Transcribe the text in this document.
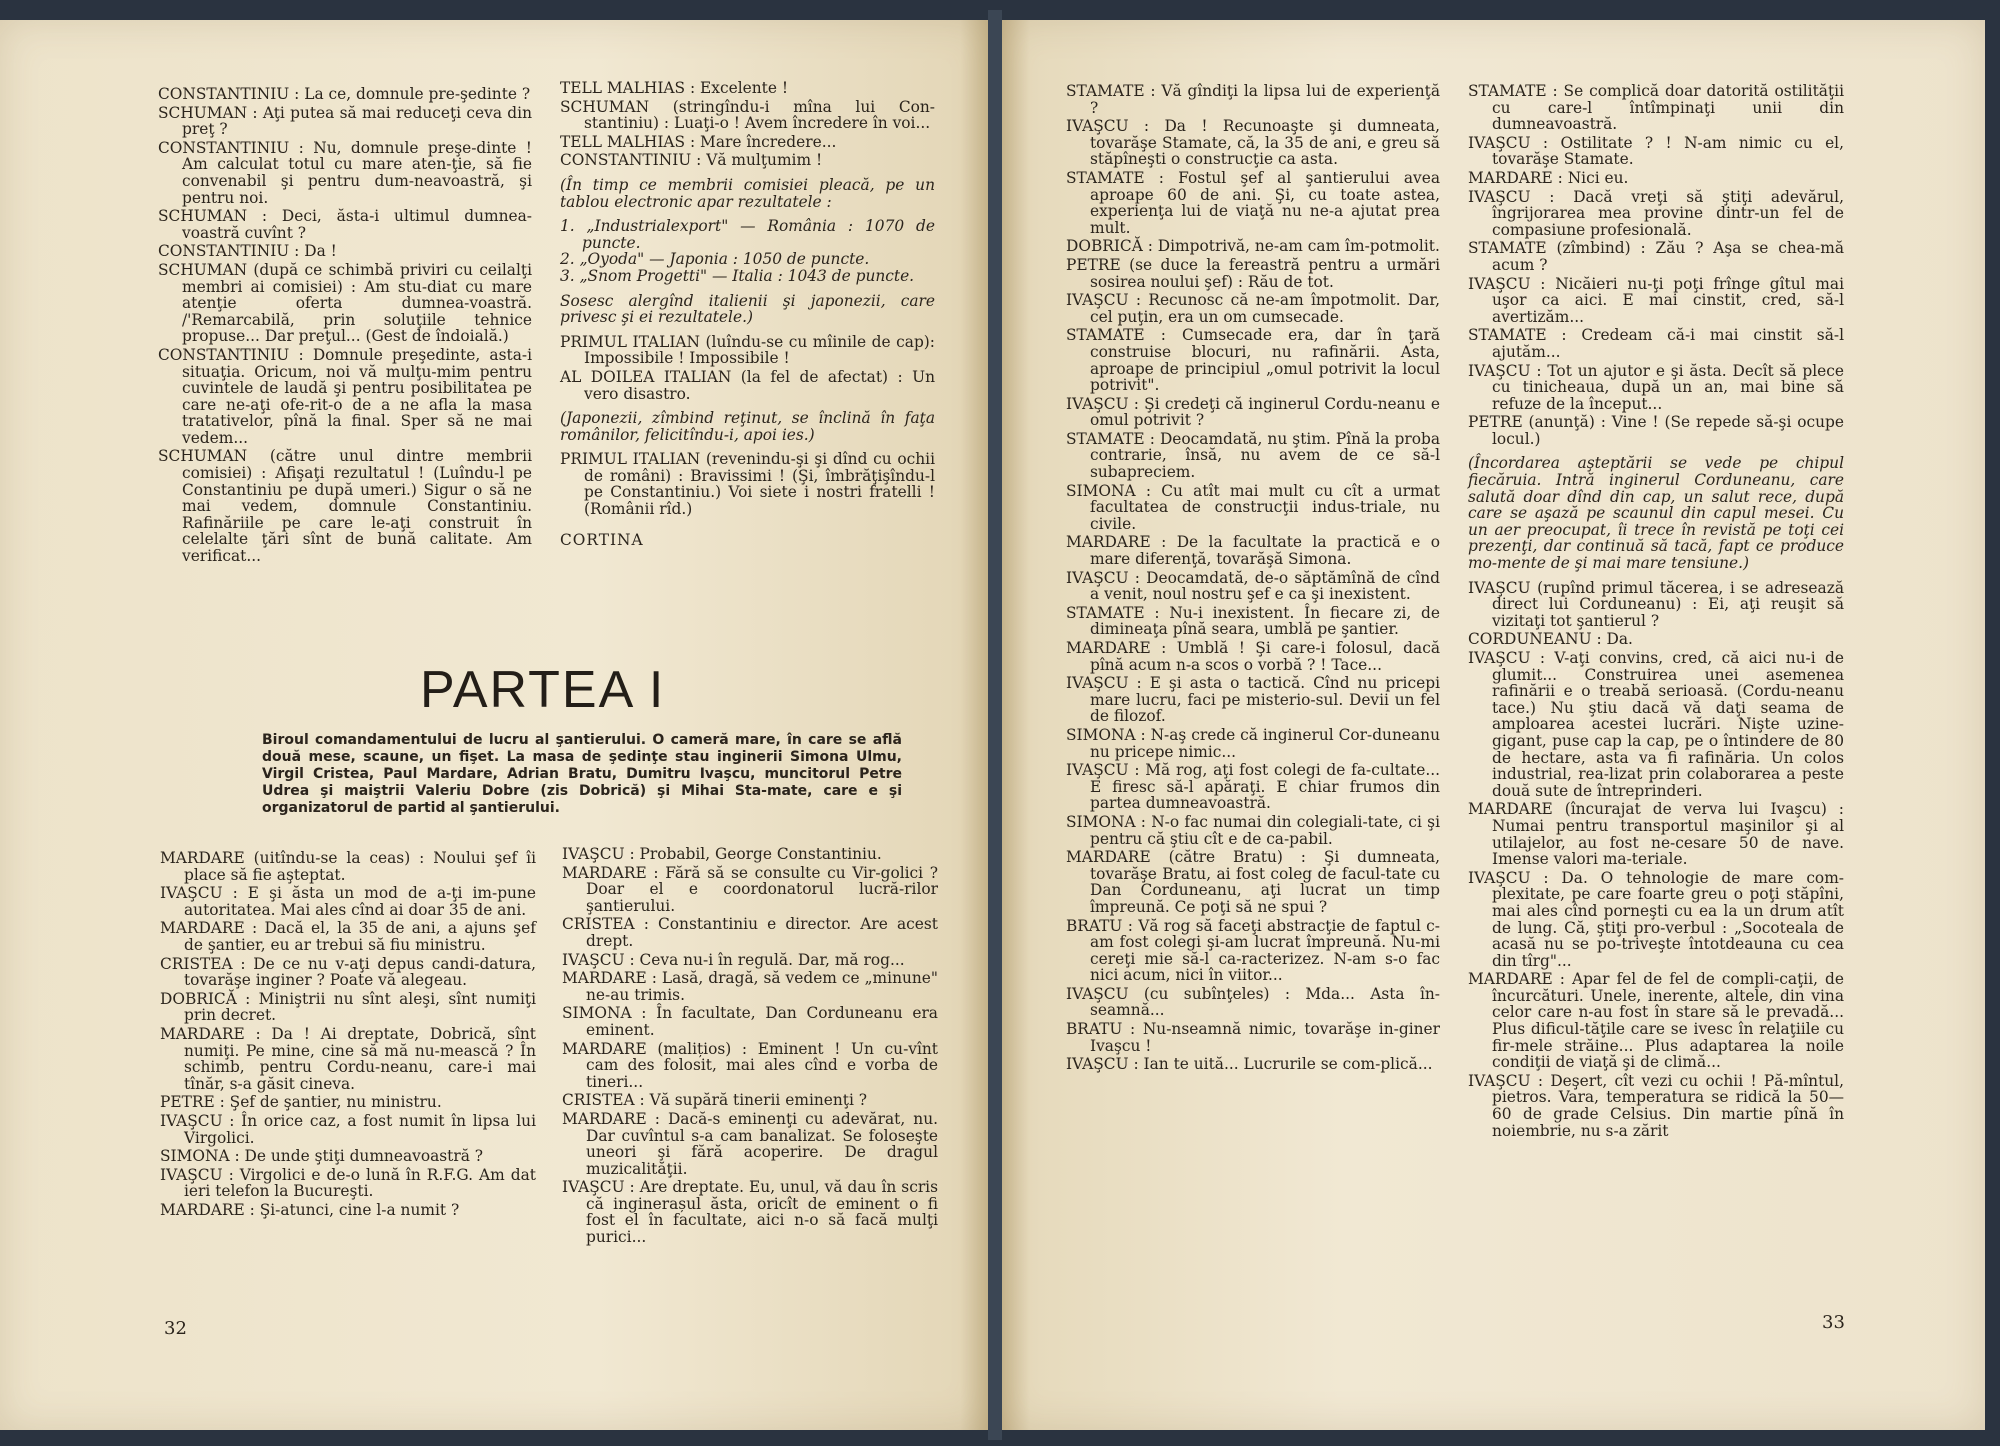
CONSTANTINIU : La ce, domnule pre-şedinte ?

SCHUMAN : Aţi putea să mai reduceţi ceva din preţ ?

CONSTANTINIU : Nu, domnule preşe-dinte ! Am calculat totul cu mare aten-ţie, să fie convenabil şi pentru dum-neavoastră, şi pentru noi.

SCHUMAN : Deci, ăsta-i ultimul dumnea-voastră cuvînt ?

CONSTANTINIU : Da !

SCHUMAN (după ce schimbă priviri cu ceilalţi membri ai comisiei) : Am stu-diat cu mare atenţie oferta dumnea-voastră. /'Remarcabilă, prin soluţiile tehnice propuse... Dar preţul... (Gest de îndoială.)

CONSTANTINIU : Domnule preşedinte, asta-i situaţia. Oricum, noi vă mulţu-mim pentru cuvintele de laudă şi pentru posibilitatea pe care ne-aţi ofe-rit-o de a ne afla la masa tratativelor, pînă la final. Sper să ne mai vedem...

SCHUMAN (către unul dintre membrii comisiei) : Afişaţi rezultatul ! (Luîndu-l pe Constantiniu pe după umeri.) Sigur o să ne mai vedem, domnule Constantiniu. Rafinăriile pe care le-aţi construit în celelalte ţări sînt de bună calitate. Am verificat...

TELL MALHIAS : Excelente !

SCHUMAN (stringîndu-i mîna lui Con-stantiniu) : Luaţi-o ! Avem încredere în voi...

TELL MALHIAS : Mare încredere...

CONSTANTINIU : Vă mulţumim !

(În timp ce membrii comisiei pleacă, pe un tablou electronic apar rezultatele :

1. „Industrialexport" — România : 1070 de puncte.

2. „Oyoda" — Japonia : 1050 de puncte.

3. „Snom Progetti" — Italia : 1043 de puncte.

Sosesc alergînd italienii şi japonezii, care privesc şi ei rezultatele.)

PRIMUL ITALIAN (luîndu-se cu mîinile de cap): Impossibile ! Impossibile !

AL DOILEA ITALIAN (la fel de afectat) : Un vero disastro.

(Japonezii, zîmbind reţinut, se înclină în faţa românilor, felicitîndu-i, apoi ies.)

PRIMUL ITALIAN (revenindu-şi şi dînd cu ochii de români) : Bravissimi ! (Şi, îmbrăţişîndu-l pe Constantiniu.) Voi siete i nostri fratelli ! (Românii rîd.)

CORTINA

PARTEA I
Biroul comandamentului de lucru al şantierului. O cameră mare, în care se află două mese, scaune, un fişet. La masa de şedinţe stau inginerii Simona Ulmu, Virgil Cristea, Paul Mardare, Adrian Bratu, Dumitru Ivaşcu, muncitorul Petre Udrea şi maiştrii Valeriu Dobre (zis Dobrică) şi Mihai Sta-mate, care e şi organizatorul de partid al şantierului.

MARDARE (uitîndu-se la ceas) : Noului şef îi place să fie aşteptat.

IVAŞCU : E şi ăsta un mod de a-ţi im-pune autoritatea. Mai ales cînd ai doar 35 de ani.

MARDARE : Dacă el, la 35 de ani, a ajuns şef de şantier, eu ar trebui să fiu ministru.

CRISTEA : De ce nu v-aţi depus candi-datura, tovarăşe inginer ? Poate vă alegeau.

DOBRICĂ : Miniştrii nu sînt aleşi, sînt numiţi prin decret.

MARDARE : Da ! Ai dreptate, Dobrică, sînt numiţi. Pe mine, cine să mă nu-mească ? În schimb, pentru Cordu-neanu, care-i mai tînăr, s-a găsit cineva.

PETRE : Şef de şantier, nu ministru.

IVAŞCU : În orice caz, a fost numit în lipsa lui Virgolici.

SIMONA : De unde ştiţi dumneavoastră ?

IVAŞCU : Virgolici e de-o lună în R.F.G. Am dat ieri telefon la Bucureşti.

MARDARE : Şi-atunci, cine l-a numit ?

IVAŞCU : Probabil, George Constantiniu.

MARDARE : Fără să se consulte cu Vir-golici ? Doar el e coordonatorul lucră-rilor şantierului.

CRISTEA : Constantiniu e director. Are acest drept.

IVAŞCU : Ceva nu-i în regulă. Dar, mă rog...

MARDARE : Lasă, dragă, să vedem ce „minune" ne-au trimis.

SIMONA : În facultate, Dan Corduneanu era eminent.

MARDARE (malițios) : Eminent ! Un cu-vînt cam des folosit, mai ales cînd e vorba de tineri...

CRISTEA : Vă supără tinerii eminenţi ?

MARDARE : Dacă-s eminenţi cu adevărat, nu. Dar cuvîntul s-a cam banalizat. Se foloseşte uneori şi fără acoperire. De dragul muzicalităţii.

IVAŞCU : Are dreptate. Eu, unul, vă dau în scris că inginerașul ăsta, oricît de eminent o fi fost el în facultate, aici n-o să facă mulţi purici...

32

STAMATE : Vă gîndiţi la lipsa lui de experienţă ?

IVAŞCU : Da ! Recunoaşte şi dumneata, tovarăşe Stamate, că, la 35 de ani, e greu să stăpîneşti o construcţie ca asta.

STAMATE : Fostul şef al şantierului avea aproape 60 de ani. Şi, cu toate astea, experienţa lui de viaţă nu ne-a ajutat prea mult.

DOBRICĂ : Dimpotrivă, ne-am cam îm-potmolit.

PETRE (se duce la fereastră pentru a urmări sosirea noului şef) : Rău de tot.

IVAŞCU : Recunosc că ne-am împotmolit. Dar, cel puţin, era un om cumsecade.

STAMATE : Cumsecade era, dar în ţară construise blocuri, nu rafinării. Asta, aproape de principiul „omul potrivit la locul potrivit".

IVAŞCU : Şi credeţi că inginerul Cordu-neanu e omul potrivit ?

STAMATE : Deocamdată, nu ştim. Pînă la proba contrarie, însă, nu avem de ce să-l subapreciem.

SIMONA : Cu atît mai mult cu cît a urmat facultatea de construcţii indus-triale, nu civile.

MARDARE : De la facultate la practică e o mare diferenţă, tovarăşă Simona.

IVAŞCU : Deocamdată, de-o săptămînă de cînd a venit, noul nostru şef e ca şi inexistent.

STAMATE : Nu-i inexistent. În fiecare zi, de dimineaţa pînă seara, umblă pe şantier.

MARDARE : Umblă ! Şi care-i folosul, dacă pînă acum n-a scos o vorbă ? ! Tace...

IVAŞCU : E şi asta o tactică. Cînd nu pricepi mare lucru, faci pe misterio-sul. Devii un fel de filozof.

SIMONA : N-aş crede că inginerul Cor-duneanu nu pricepe nimic...

IVAŞCU : Mă rog, aţi fost colegi de fa-cultate... E firesc să-l apăraţi. E chiar frumos din partea dumneavoastră.

SIMONA : N-o fac numai din colegiali-tate, ci şi pentru că ştiu cît e de ca-pabil.

MARDARE (către Bratu) : Şi dumneata, tovarăşe Bratu, ai fost coleg de facul-tate cu Dan Corduneanu, aţi lucrat un timp împreună. Ce poţi să ne spui ?

BRATU : Vă rog să faceţi abstracţie de faptul c-am fost colegi şi-am lucrat împreună. Nu-mi cereţi mie să-l ca-racterizez. N-am s-o fac nici acum, nici în viitor...

IVAŞCU (cu subînţeles) : Mda... Asta în-seamnă...

BRATU : Nu-nseamnă nimic, tovarăşe in-giner Ivaşcu !

IVAŞCU : Ian te uită... Lucrurile se com-plică...

STAMATE : Se complică doar datorită ostilităţii cu care-l întîmpinaţi unii din dumneavoastră.

IVAŞCU : Ostilitate ? ! N-am nimic cu el, tovarăşe Stamate.

MARDARE : Nici eu.

IVAŞCU : Dacă vreţi să ştiţi adevărul, îngrijorarea mea provine dintr-un fel de compasiune profesională.

STAMATE (zîmbind) : Zău ? Aşa se chea-mă acum ?

IVAŞCU : Nicăieri nu-ţi poţi frînge gîtul mai uşor ca aici. E mai cinstit, cred, să-l avertizăm...

STAMATE : Credeam că-i mai cinstit să-l ajutăm...

IVAŞCU : Tot un ajutor e şi ăsta. Decît să plece cu tinicheaua, după un an, mai bine să refuze de la început...

PETRE (anunţă) : Vine ! (Se repede să-şi ocupe locul.)

(Încordarea aşteptării se vede pe chipul fiecăruia. Intră inginerul Corduneanu, care salută doar dînd din cap, un salut rece, după care se aşază pe scaunul din capul mesei. Cu un aer preocupat, îi trece în revistă pe toţi cei prezenţi, dar continuă să tacă, fapt ce produce mo-mente de şi mai mare tensiune.)

IVAŞCU (rupînd primul tăcerea, i se adresează direct lui Corduneanu) : Ei, aţi reuşit să vizitaţi tot şantierul ?

CORDUNEANU : Da.

IVAŞCU : V-aţi convins, cred, că aici nu-i de glumit... Construirea unei asemenea rafinării e o treabă serioasă. (Cordu-neanu tace.) Nu ştiu dacă vă daţi seama de amploarea acestei lucrări. Nişte uzine-gigant, puse cap la cap, pe o întindere de 80 de hectare, asta va fi rafinăria. Un colos industrial, rea-lizat prin colaborarea a peste două sute de întreprinderi.

MARDARE (încurajat de verva lui Ivaşcu) : Numai pentru transportul maşinilor şi al utilajelor, au fost ne-cesare 50 de nave. Imense valori ma-teriale.

IVAŞCU : Da. O tehnologie de mare com-plexitate, pe care foarte greu o poţi stăpîni, mai ales cînd porneşti cu ea la un drum atît de lung. Că, ştiţi pro-verbul : „Socoteala de acasă nu se po-triveşte întotdeauna cu cea din tîrg"...

MARDARE : Apar fel de fel de compli-caţii, de încurcături. Unele, inerente, altele, din vina celor care n-au fost în stare să le prevadă... Plus dificul-tăţile care se ivesc în relaţiile cu fir-mele străine... Plus adaptarea la noile condiţii de viaţă şi de climă...

IVAŞCU : Deşert, cît vezi cu ochii ! Pă-mîntul, pietros. Vara, temperatura se ridică la 50—60 de grade Celsius. Din martie pînă în noiembrie, nu s-a zărit

33
